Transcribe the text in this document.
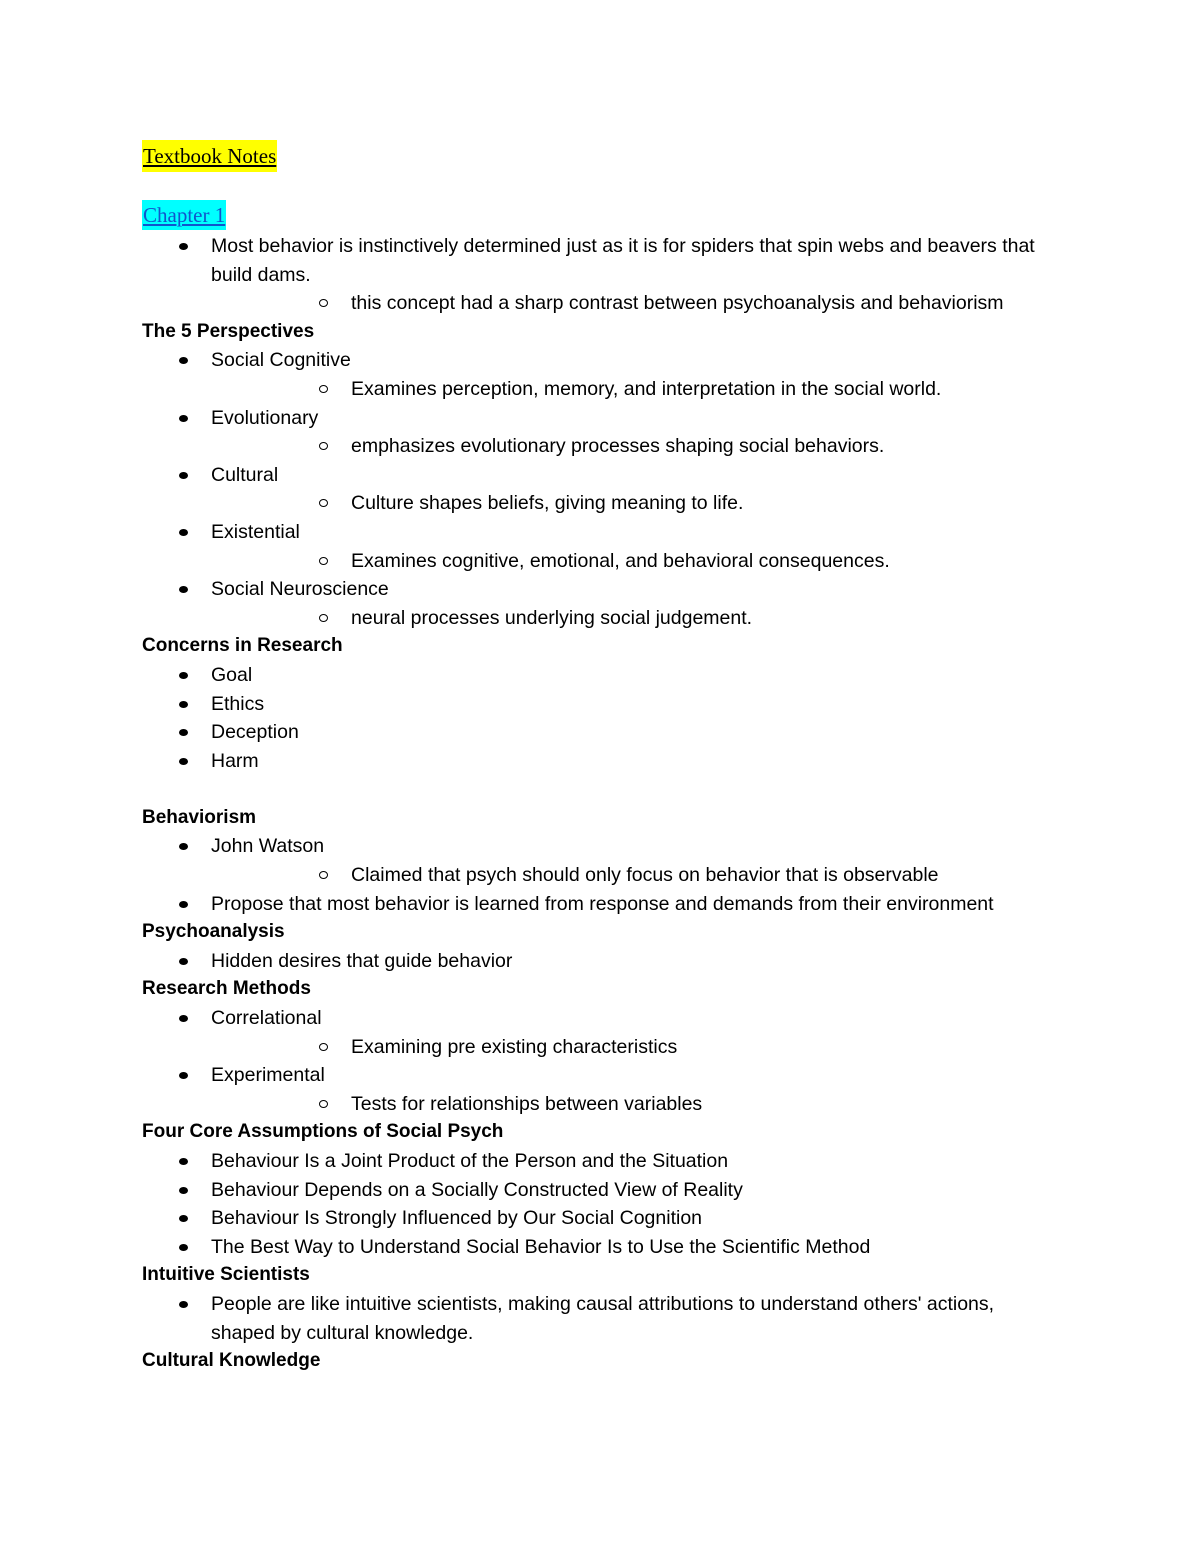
Textbook Notes
Chapter 1
Most behavior is instinctively determined just as it is for spiders that spin webs and beavers that build dams.
this concept had a sharp contrast between psychoanalysis and behaviorism
The 5 Perspectives
Social Cognitive
Examines perception, memory, and interpretation in the social world.
Evolutionary
emphasizes evolutionary processes shaping social behaviors.
Cultural
Culture shapes beliefs, giving meaning to life.
Existential
Examines cognitive, emotional, and behavioral consequences.
Social Neuroscience
neural processes underlying social judgement.
Concerns in Research
Goal
Ethics
Deception
Harm
Behaviorism
John Watson
Claimed that psych should only focus on behavior that is observable
Propose that most behavior is learned from response and demands from their environment
Psychoanalysis
Hidden desires that guide behavior
Research Methods
Correlational
Examining pre existing characteristics
Experimental
Tests for relationships between variables
Four Core Assumptions of Social Psych
Behaviour Is a Joint Product of the Person and the Situation
Behaviour Depends on a Socially Constructed View of Reality
Behaviour Is Strongly Influenced by Our Social Cognition
The Best Way to Understand Social Behavior Is to Use the Scientific Method
Intuitive Scientists
People are like intuitive scientists, making causal attributions to understand others' actions, shaped by cultural knowledge.
Cultural Knowledge
